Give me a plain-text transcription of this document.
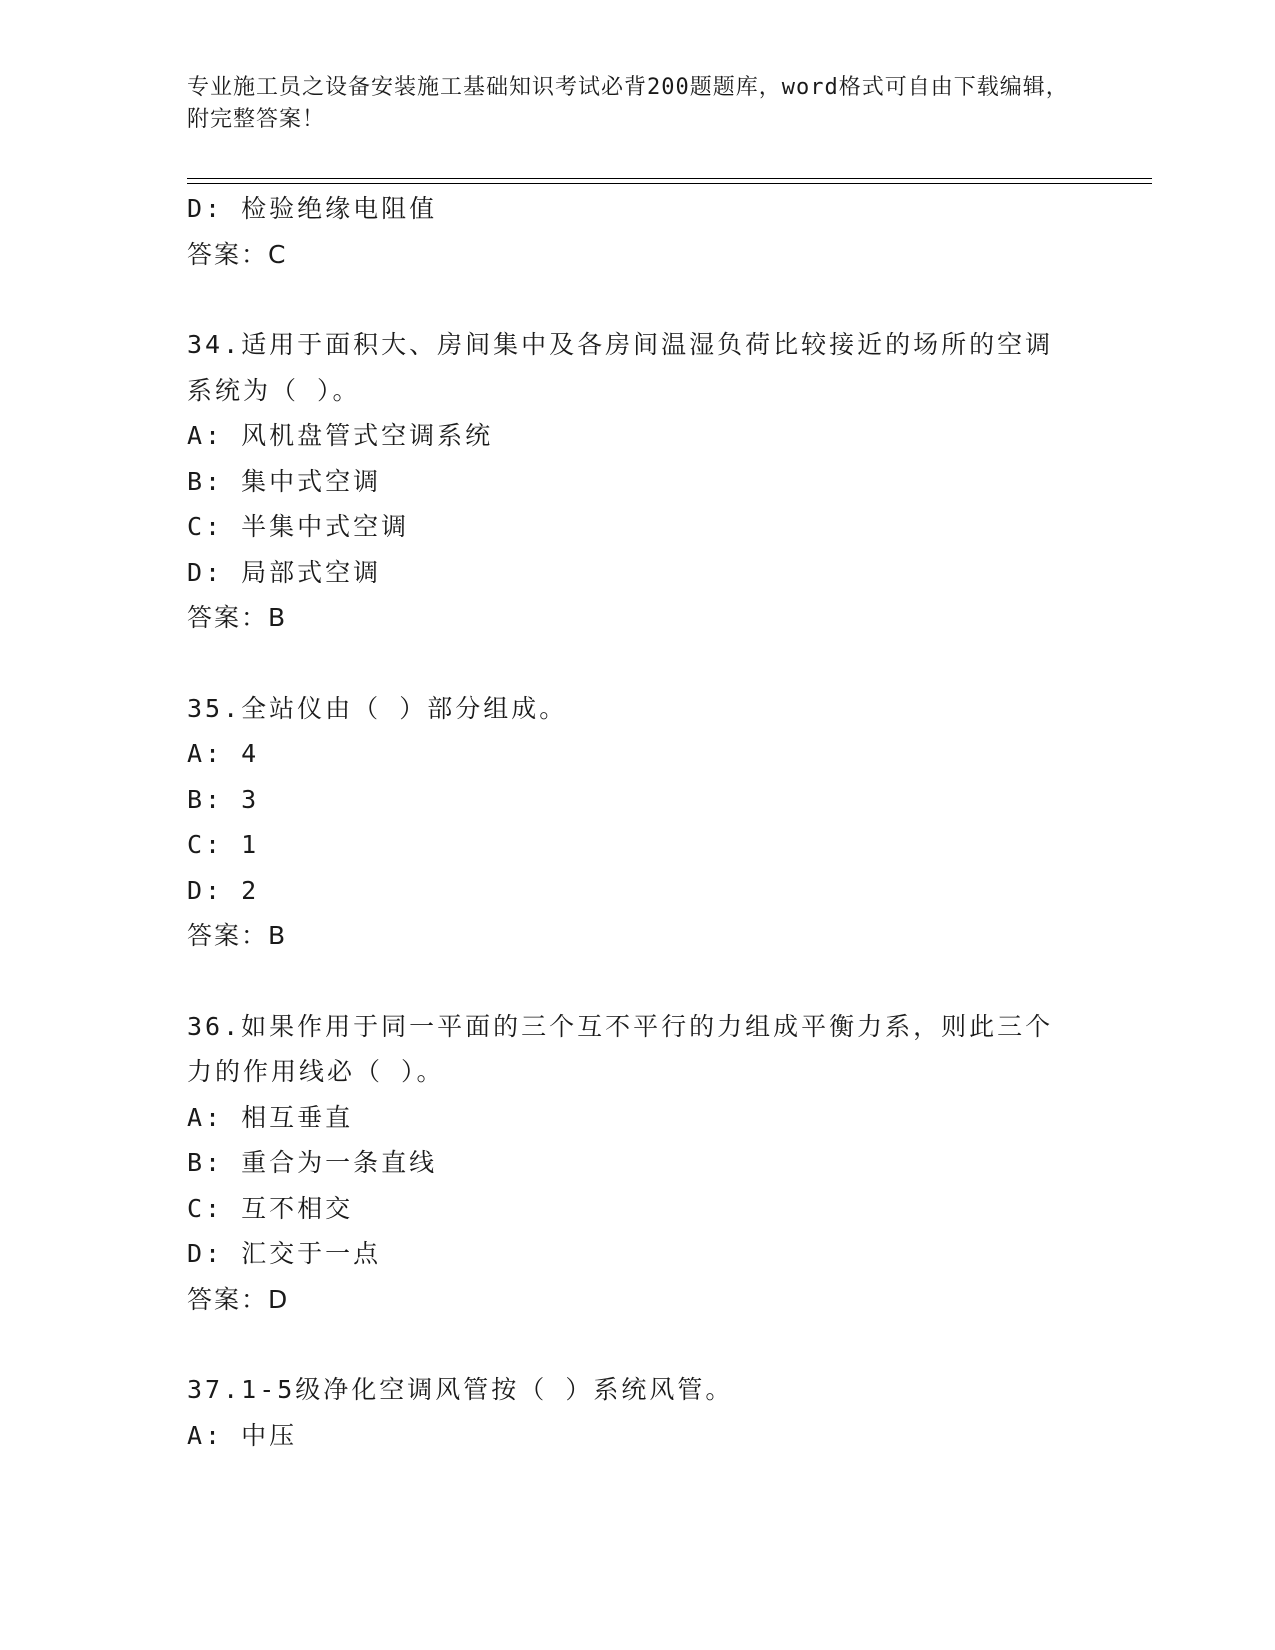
专业施工员之设备安装施工基础知识考试必背200题题库，word格式可自由下载编辑，附完整答案！
D: 检验绝缘电阻值
答案：C
34.适用于面积大、房间集中及各房间温湿负荷比较接近的场所的空调系统为（ ）。
A: 风机盘管式空调系统
B: 集中式空调
C: 半集中式空调
D: 局部式空调
答案：B
35.全站仪由（ ）部分组成。
A: 4
B: 3
C: 1
D: 2
答案：B
36.如果作用于同一平面的三个互不平行的力组成平衡力系，则此三个力的作用线必（ ）。
A: 相互垂直
B: 重合为一条直线
C: 互不相交
D: 汇交于一点
答案：D
37.1-5级净化空调风管按（ ）系统风管。
A: 中压
